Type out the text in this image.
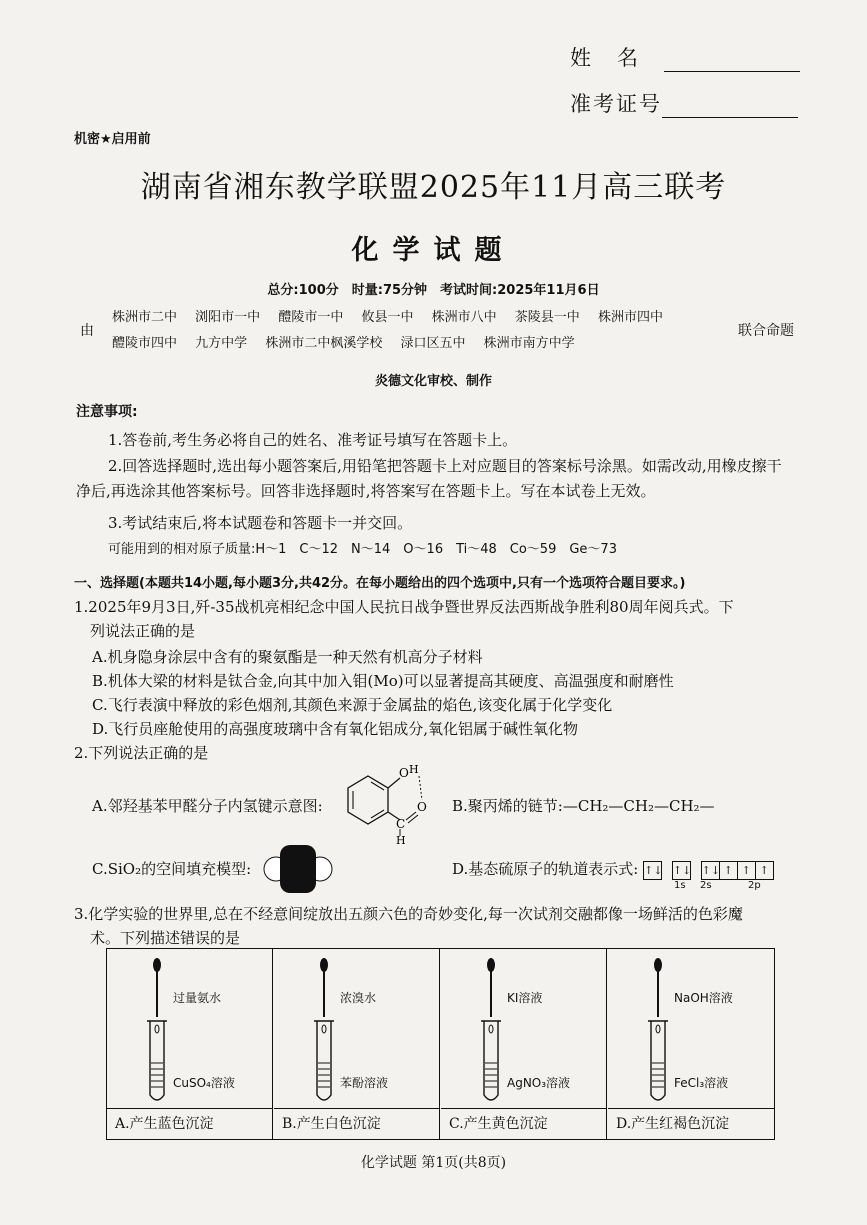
姓名
准考证号
机密★启用前
湖南省湘东教学联盟2025年11月高三联考
化学试题
总分:100分　时量:75分钟　考试时间:2025年11月6日
由
株洲市二中 浏阳市一中 醴陵市一中 攸县一中 株洲市八中 茶陵县一中 株洲市四中
醴陵市四中 九方中学 株洲市二中枫溪学校 渌口区五中 株洲市南方中学
联合命题
炎德文化审校、制作
注意事项:
1.答卷前,考生务必将自己的姓名、准考证号填写在答题卡上。
2.回答选择题时,选出每小题答案后,用铅笔把答题卡上对应题目的答案标号涂黑。如需改动,用橡皮擦干净后,再选涂其他答案标号。回答非选择题时,将答案写在答题卡上。写在本试卷上无效。
3.考试结束后,将本试题卷和答题卡一并交回。
可能用到的相对原子质量:H～1　C～12　N～14　O～16　Ti～48　Co～59　Ge～73
一、选择题(本题共14小题,每小题3分,共42分。在每小题给出的四个选项中,只有一个选项符合题目要求。)
1.2025年9月3日,歼-35战机亮相纪念中国人民抗日战争暨世界反法西斯战争胜利80周年阅兵式。下
列说法正确的是
A.机身隐身涂层中含有的聚氨酯是一种天然有机高分子材料
B.机体大梁的材料是钛合金,向其中加入钼(Mo)可以显著提高其硬度、高温强度和耐磨性
C.飞行表演中释放的彩色烟剂,其颜色来源于金属盐的焰色,该变化属于化学变化
D.飞行员座舱使用的高强度玻璃中含有氧化铝成分,氧化铝属于碱性氧化物
2.下列说法正确的是
A.邻羟基苯甲醛分子内氢键示意图:
O H
C
O
H
B.聚丙烯的链节:—CH₂—CH₂—CH₂—
C.SiO₂的空间填充模型:	D.基态硫原子的轨道表示式: ↑↓ ↑↓ ↑↓ ↑ ↑ ↑
1s 2s	2p
3.化学实验的世界里,总在不经意间绽放出五颜六色的奇妙变化,每一次试剂交融都像一场鲜活的色彩魔
术。下列描述错误的是
过量氨水
CuSO₄溶液
A.产生蓝色沉淀
浓溴水
苯酚溶液
B.产生白色沉淀
KI溶液
AgNO₃溶液
C.产生黄色沉淀
NaOH溶液
FeCl₃溶液
D.产生红褐色沉淀
化学试题 第1页(共8页)
